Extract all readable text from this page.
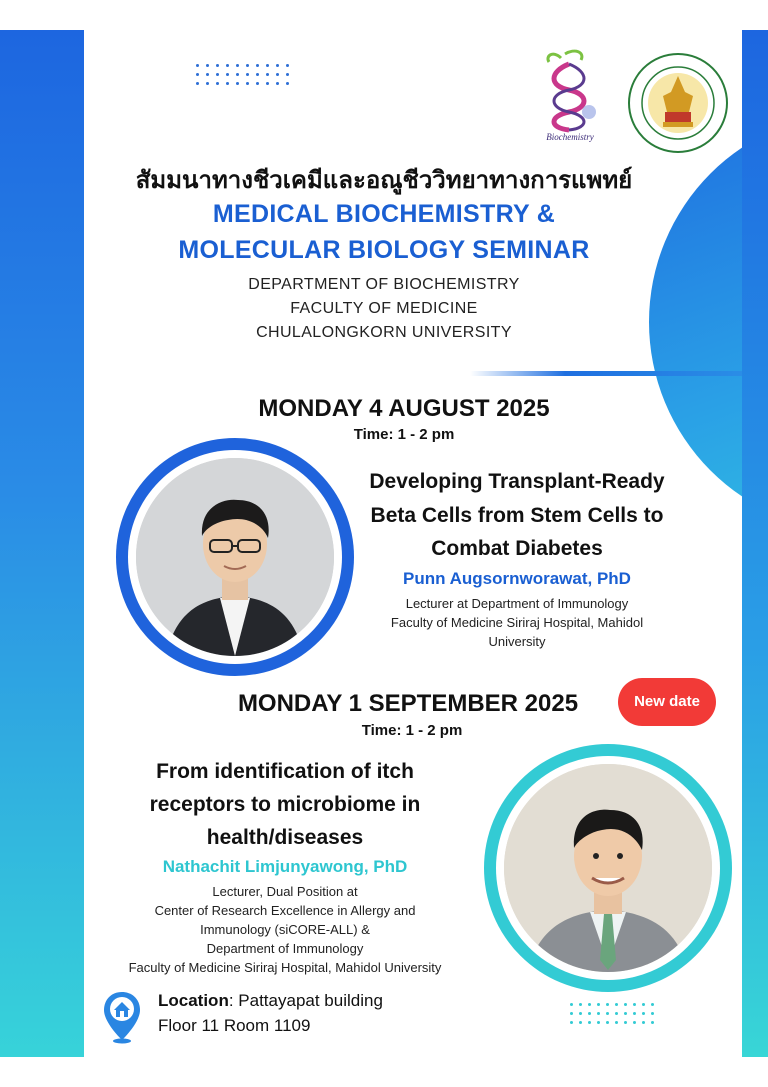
Biochemistry
สัมมนาทางชีวเคมีและอณูชีววิทยาทางการแพทย์
MEDICAL BIOCHEMISTRY &
MOLECULAR BIOLOGY SEMINAR
DEPARTMENT OF BIOCHEMISTRY
FACULTY OF MEDICINE
CHULALONGKORN UNIVERSITY
MONDAY 4 AUGUST 2025
Time: 1 - 2 pm
Developing Transplant-Ready
Beta Cells from Stem Cells to
Combat Diabetes
Punn Augsornworawat, PhD
Lecturer at Department of Immunology
Faculty of Medicine Siriraj Hospital, Mahidol
University
MONDAY 1 SEPTEMBER 2025	New date
Time: 1 - 2 pm
From identification of itch
receptors to microbiome in
health/diseases
Nathachit Limjunyawong, PhD
Lecturer, Dual Position at
Center of Research Excellence in Allergy and
Immunology (siCORE-ALL) &
Department of Immunology
Faculty of Medicine Siriraj Hospital, Mahidol University
Location: Pattayapat building
Floor 11 Room 1109
